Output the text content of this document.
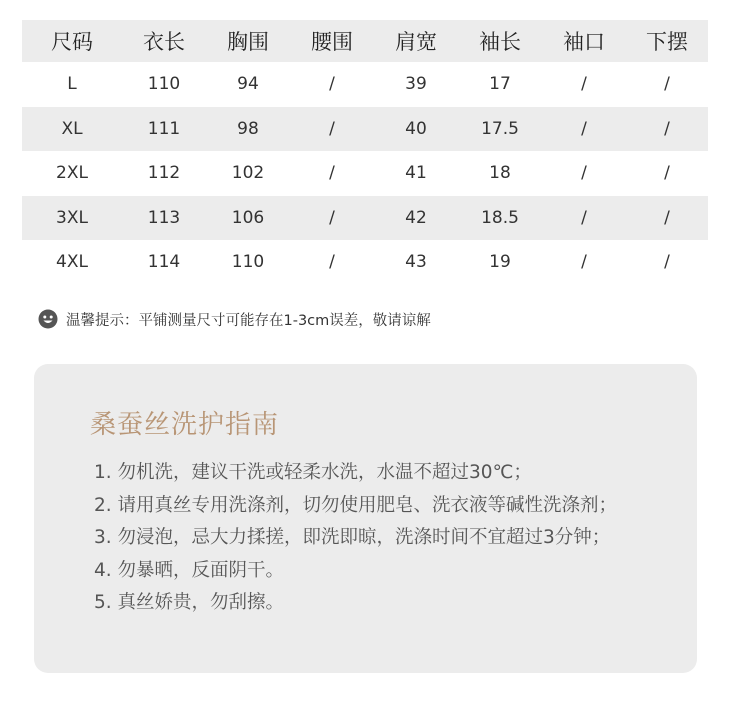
尺码	衣长	胸围	腰围	肩宽	袖长	袖口	下摆
L	110	94	/	39	17	/	/
XL	111	98	/	40	17.5	/	/
2XL	112	102	/	41	18	/	/
3XL	113	106	/	42	18.5	/	/
4XL	114	110	/	43	19	/	/
温馨提示：平铺测量尺寸可能存在1-3cm误差，敬请谅解
桑蚕丝洗护指南
1. 勿机洗，建议干洗或轻柔水洗，水温不超过30℃；
2. 请用真丝专用洗涤剂，切勿使用肥皂、洗衣液等碱性洗涤剂；
3. 勿浸泡，忌大力揉搓，即洗即晾，洗涤时间不宜超过3分钟；
4. 勿暴晒，反面阴干。
5. 真丝娇贵，勿刮擦。
